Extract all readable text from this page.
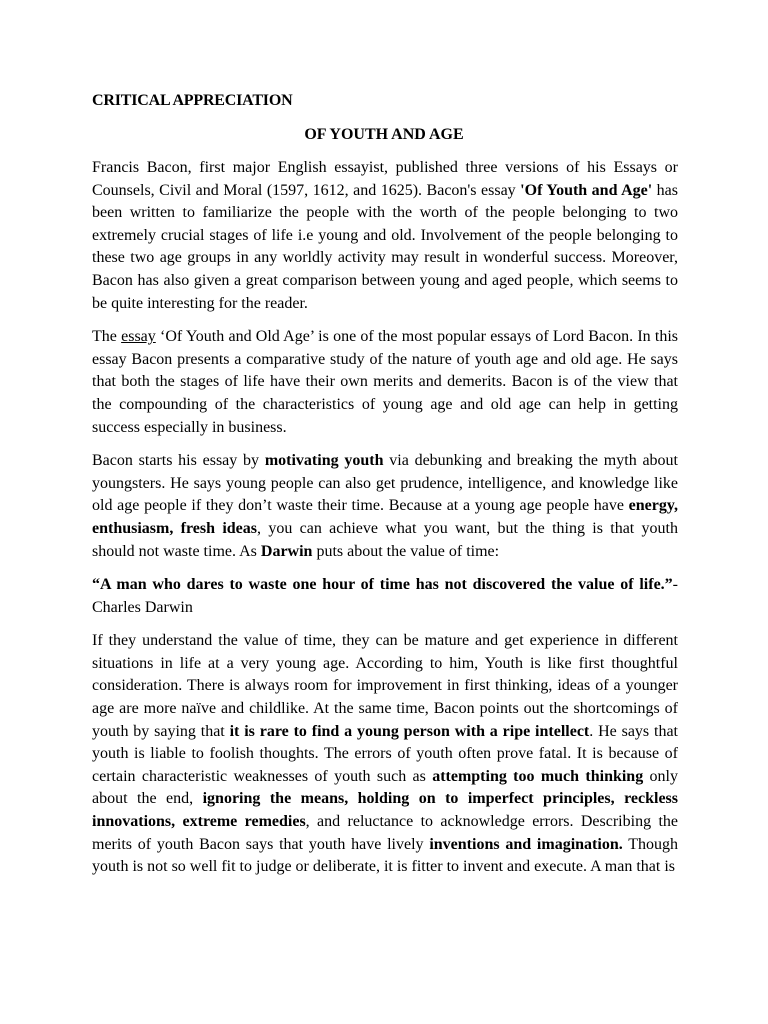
CRITICAL APPRECIATION
OF YOUTH AND AGE

Francis Bacon, first major English essayist, published three versions of his Essays or Counsels, Civil and Moral (1597, 1612, and 1625). Bacon's essay 'Of Youth and Age' has been written to familiarize the people with the worth of the people belonging to two extremely crucial stages of life i.e young and old. Involvement of the people belonging to these two age groups in any worldly activity may result in wonderful success. Moreover, Bacon has also given a great comparison between young and aged people, which seems to be quite interesting for the reader.

The essay ‘Of Youth and Old Age’ is one of the most popular essays of Lord Bacon. In this essay Bacon presents a comparative study of the nature of youth age and old age. He says that both the stages of life have their own merits and demerits. Bacon is of the view that the compounding of the characteristics of young age and old age can help in getting success especially in business.

Bacon starts his essay by motivating youth via debunking and breaking the myth about youngsters. He says young people can also get prudence, intelligence, and knowledge like old age people if they don’t waste their time. Because at a young age people have energy, enthusiasm, fresh ideas, you can achieve what you want, but the thing is that youth should not waste time. As Darwin puts about the value of time:

“A man who dares to waste one hour of time has not discovered the value of life.”- Charles Darwin

If they understand the value of time, they can be mature and get experience in different situations in life at a very young age. According to him, Youth is like first thoughtful consideration. There is always room for improvement in first thinking, ideas of a younger age are more naïve and childlike. At the same time, Bacon points out the shortcomings of youth by saying that it is rare to find a young person with a ripe intellect. He says that youth is liable to foolish thoughts. The errors of youth often prove fatal. It is because of certain characteristic weaknesses of youth such as attempting too much thinking only about the end, ignoring the means, holding on to imperfect principles, reckless innovations, extreme remedies, and reluctance to acknowledge errors. Describing the merits of youth Bacon says that youth have lively inventions and imagination. Though youth is not so well fit to judge or deliberate, it is fitter to invent and execute. A man that is
